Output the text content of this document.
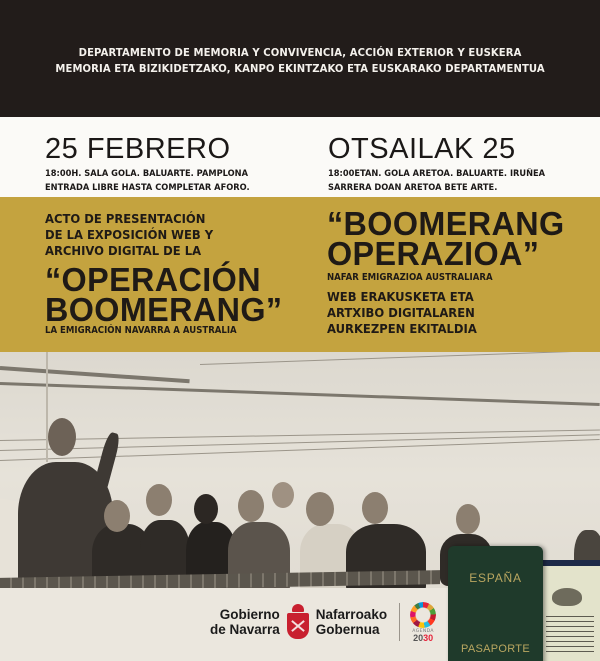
DEPARTAMENTO DE MEMORIA Y CONVIVENCIA, ACCIÓN EXTERIOR Y EUSKERA
MEMORIA ETA BIZIKIDETZAKO, KANPO EKINTZAKO ETA EUSKARAKO DEPARTAMENTUA
25 FEBRERO
18:00H. SALA GOLA. BALUARTE. PAMPLONA
ENTRADA LIBRE HASTA COMPLETAR AFORO.
OTSAILAK 25
18:00ETAN. GOLA ARETOA. BALUARTE. IRUÑEA
SARRERA DOAN ARETOA BETE ARTE.
ACTO DE PRESENTACIÓN
DE LA EXPOSICIÓN WEB Y
ARCHIVO DIGITAL DE LA
“OPERACIÓN
BOOMERANG”
LA EMIGRACIÓN NAVARRA A AUSTRALIA
“BOOMERANG
OPERAZIOA”
NAFAR EMIGRAZIOA AUSTRALIARA
WEB ERAKUSKETA ETA
ARTXIBO DIGITALAREN
AURKEZPEN EKITALDIA
ESPAÑA
PASAPORTE
Gobierno
de Navarra
Nafarroako
Gobernua	AGENDA
2030
